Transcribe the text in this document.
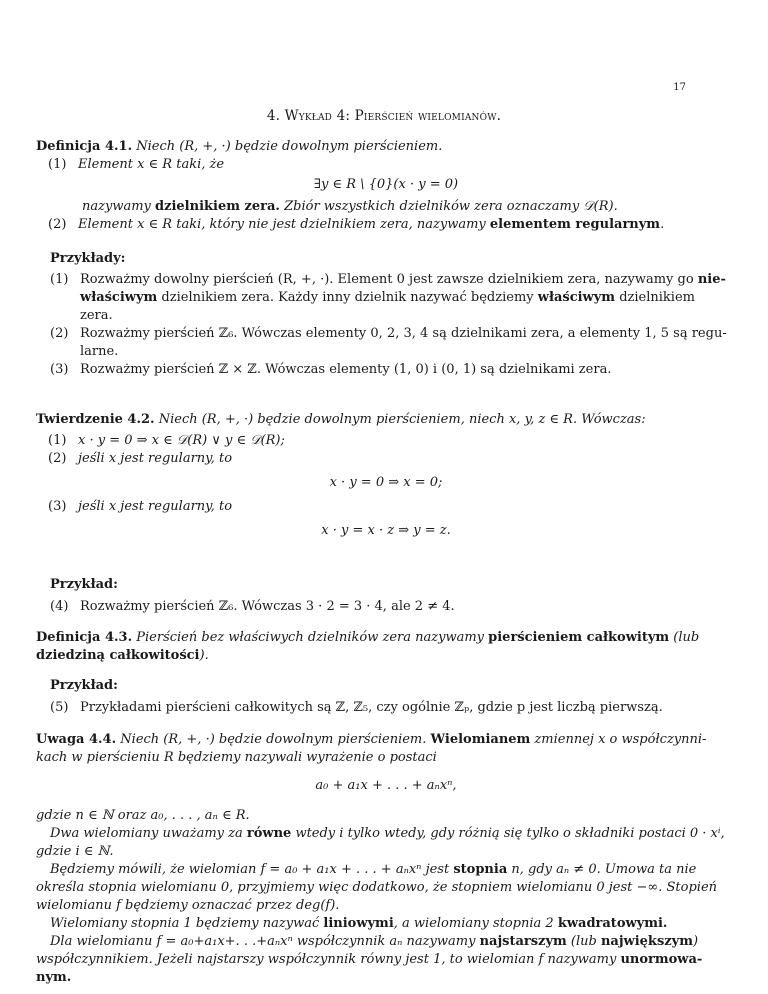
17
4. Wykład 4: Pierścień wielomianów.
Definicja 4.1. Niech (R, +, ·) będzie dowolnym pierścieniem.
(1) Element x ∈ R taki, że
∃y ∈ R \ {0}(x · y = 0)
nazywamy dzielnikiem zera. Zbiór wszystkich dzielników zera oznaczamy 𝒟(R).
(2) Element x ∈ R taki, który nie jest dzielnikiem zera, nazywamy elementem regularnym.
Przykłady:
(1) Rozważmy dowolny pierścień (R, +, ·). Element 0 jest zawsze dzielnikiem zera, nazywamy go nie-
właściwym dzielnikiem zera. Każdy inny dzielnik nazywać będziemy właściwym dzielnikiem
zera.
(2) Rozważmy pierścień ℤ₆. Wówczas elementy 0, 2, 3, 4 są dzielnikami zera, a elementy 1, 5 są regu-
larne.
(3) Rozważmy pierścień ℤ × ℤ. Wówczas elementy (1, 0) i (0, 1) są dzielnikami zera.
Twierdzenie 4.2. Niech (R, +, ·) będzie dowolnym pierścieniem, niech x, y, z ∈ R. Wówczas:
(1) x · y = 0 ⇒ x ∈ 𝒟(R) ∨ y ∈ 𝒟(R);
(2) jeśli x jest regularny, to
x · y = 0 ⇒ x = 0;
(3) jeśli x jest regularny, to
x · y = x · z ⇒ y = z.
Przykład:
(4) Rozważmy pierścień ℤ₆. Wówczas 3 · 2 = 3 · 4, ale 2 ≠ 4.
Definicja 4.3. Pierścień bez właściwych dzielników zera nazywamy pierścieniem całkowitym (lub
dziedziną całkowitości).
Przykład:
(5) Przykładami pierścieni całkowitych są ℤ, ℤ₅, czy ogólnie ℤₚ, gdzie p jest liczbą pierwszą.
Uwaga 4.4. Niech (R, +, ·) będzie dowolnym pierścieniem. Wielomianem zmiennej x o współczynni-
kach w pierścieniu R będziemy nazywali wyrażenie o postaci
a₀ + a₁x + . . . + aₙxⁿ,
gdzie n ∈ ℕ oraz a₀, . . . , aₙ ∈ R.
Dwa wielomiany uważamy za równe wtedy i tylko wtedy, gdy różnią się tylko o składniki postaci 0 · xⁱ,
gdzie i ∈ ℕ.
Będziemy mówili, że wielomian f = a₀ + a₁x + . . . + aₙxⁿ jest stopnia n, gdy aₙ ≠ 0. Umowa ta nie
określa stopnia wielomianu 0, przyjmiemy więc dodatkowo, że stopniem wielomianu 0 jest −∞. Stopień
wielomianu f będziemy oznaczać przez deg(f).
Wielomiany stopnia 1 będziemy nazywać liniowymi, a wielomiany stopnia 2 kwadratowymi.
Dla wielomianu f = a₀+a₁x+. . .+aₙxⁿ współczynnik aₙ nazywamy najstarszym (lub największym)
współczynnikiem. Jeżeli najstarszy współczynnik równy jest 1, to wielomian f nazywamy unormowa-
nym.
